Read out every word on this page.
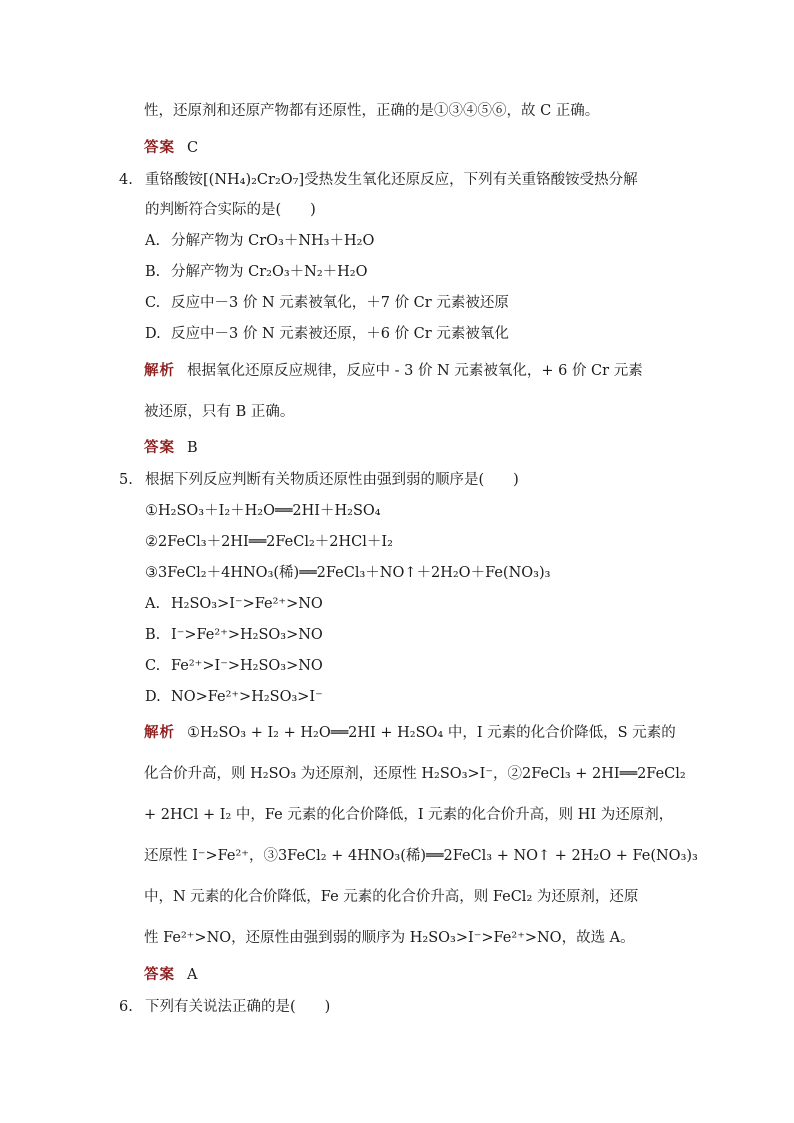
性，还原剂和还原产物都有还原性，正确的是①③④⑤⑥，故 C 正确。
答案 C
4. 重铬酸铵[(NH₄)₂Cr₂O₇]受热发生氧化还原反应，下列有关重铬酸铵受热分解
的判断符合实际的是(　　)
A. 分解产物为 CrO₃＋NH₃＋H₂O
B. 分解产物为 Cr₂O₃＋N₂＋H₂O
C. 反应中－3 价 N 元素被氧化，＋7 价 Cr 元素被还原
D. 反应中－3 价 N 元素被还原，＋6 价 Cr 元素被氧化
解析 根据氧化还原反应规律，反应中 - 3 价 N 元素被氧化，+ 6 价 Cr 元素
被还原，只有 B 正确。
答案 B
5. 根据下列反应判断有关物质还原性由强到弱的顺序是(　　)
①H₂SO₃＋I₂＋H₂O══2HI＋H₂SO₄
②2FeCl₃＋2HI══2FeCl₂＋2HCl＋I₂
③3FeCl₂＋4HNO₃(稀)══2FeCl₃＋NO↑＋2H₂O＋Fe(NO₃)₃
A. H₂SO₃>I⁻>Fe²⁺>NO
B. I⁻>Fe²⁺>H₂SO₃>NO
C. Fe²⁺>I⁻>H₂SO₃>NO
D. NO>Fe²⁺>H₂SO₃>I⁻
解析 ①H₂SO₃ + I₂ + H₂O══2HI + H₂SO₄ 中，I 元素的化合价降低，S 元素的
化合价升高，则 H₂SO₃ 为还原剂，还原性 H₂SO₃>I⁻，②2FeCl₃ + 2HI══2FeCl₂
+ 2HCl + I₂ 中，Fe 元素的化合价降低，I 元素的化合价升高，则 HI 为还原剂，
还原性 I⁻>Fe²⁺，③3FeCl₂ + 4HNO₃(稀)══2FeCl₃ + NO↑ + 2H₂O + Fe(NO₃)₃
中，N 元素的化合价降低，Fe 元素的化合价升高，则 FeCl₂ 为还原剂，还原
性 Fe²⁺>NO，还原性由强到弱的顺序为 H₂SO₃>I⁻>Fe²⁺>NO，故选 A。
答案 A
6. 下列有关说法正确的是(　　)
